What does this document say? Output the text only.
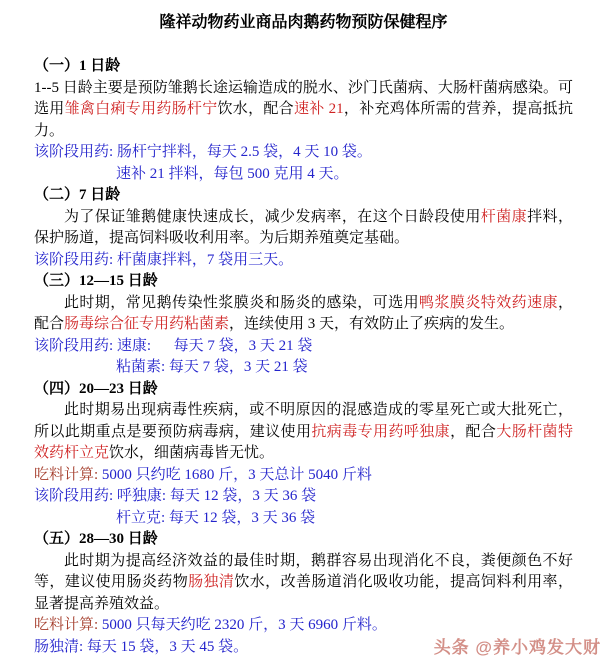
隆祥动物药业商品肉鹅药物预防保健程序
（一）1 日龄

1--5 日龄主要是预防雏鹅长途运输造成的脱水、沙门氏菌病、大肠杆菌病感染。可选用雏禽白痢专用药肠杆宁饮水，配合速补 21，补充鸡体所需的营养，提高抵抗力。

该阶段用药: 肠杆宁拌料，每天 2.5 袋，4 天 10 袋。
速补 21 拌料，每包 500 克用 4 天。
（二）7 日龄

为了保证雏鹅健康快速成长，减少发病率，在这个日龄段使用杆菌康拌料，保护肠道，提高饲料吸收利用率。为后期养殖奠定基础。

该阶段用药: 杆菌康拌料，7 袋用三天。
（三）12—15 日龄

此时期，常见鹅传染性浆膜炎和肠炎的感染，可选用鸭浆膜炎特效药速康，配合肠毒综合征专用药粘菌素，连续使用 3 天，有效防止了疾病的发生。

该阶段用药: 速康:　  每天 7 袋，3 天 21 袋
粘菌素: 每天 7 袋，3 天 21 袋
（四）20—23 日龄

此时期易出现病毒性疾病，或不明原因的混感造成的零星死亡或大批死亡，所以此期重点是要预防病毒病，建议使用抗病毒专用药呼独康，配合大肠杆菌特效药杆立克饮水，细菌病毒皆无忧。

吃料计算: 5000 只约吃 1680 斤，3 天总计 5040 斤料
该阶段用药: 呼独康: 每天 12 袋，3 天 36 袋
杆立克: 每天 12 袋，3 天 36 袋
（五）28—30 日龄

此时期为提高经济效益的最佳时期，鹅群容易出现消化不良，粪便颜色不好等，建议使用肠炎药物肠独清饮水，改善肠道消化吸收功能，提高饲料利用率，显著提高养殖效益。

吃料计算: 5000 只每天约吃 2320 斤，3 天 6960 斤料。
肠独清: 每天 15 袋，3 天 45 袋。	头条 @养小鸡发大财
